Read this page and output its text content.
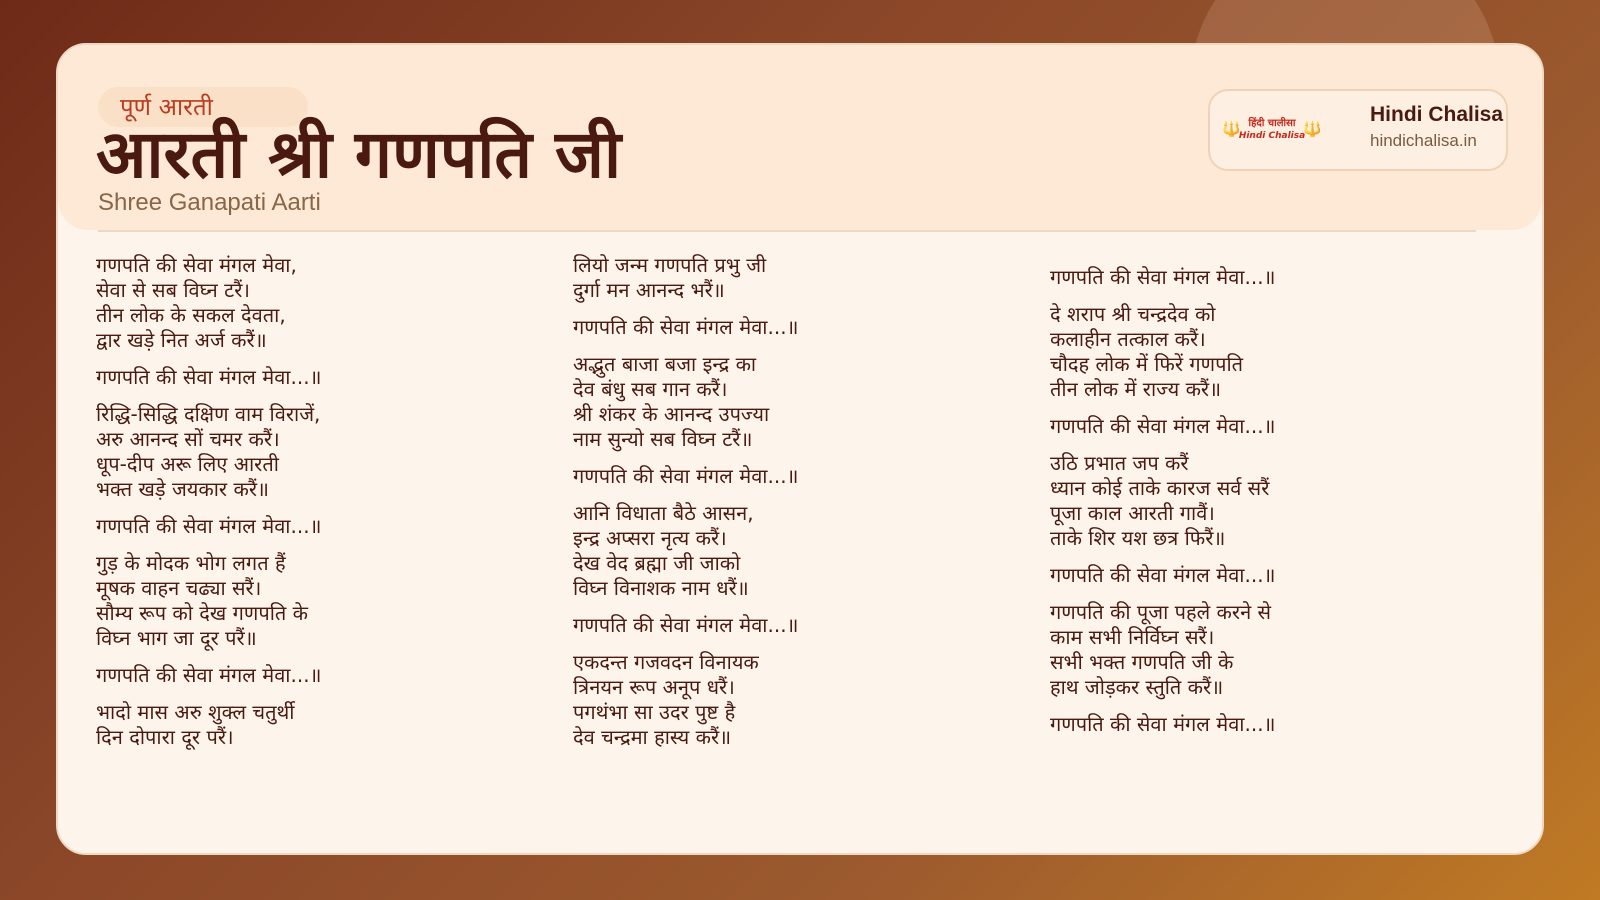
पूर्ण आरती
आरती श्री गणपति जी
Shree Ganapati Aarti
🔱 हिंदी चालीसा
Hindi Chalisa
🔱
Hindi Chalisa
hindichalisa.in
गणपति की सेवा मंगल मेवा,
सेवा से सब विघ्न टरैं।
तीन लोक के सकल देवता,
द्वार खड़े नित अर्ज करैं॥
गणपति की सेवा मंगल मेवा...॥
रिद्धि-सिद्धि दक्षिण वाम विराजें,
अरु आनन्द सों चमर करैं।
धूप-दीप अरू लिए आरती
भक्त खड़े जयकार करैं॥
गणपति की सेवा मंगल मेवा...॥
गुड़ के मोदक भोग लगत हैं
मूषक वाहन चढ्या सरैं।
सौम्य रूप को देख गणपति के
विघ्न भाग जा दूर परैं॥
गणपति की सेवा मंगल मेवा...॥
भादो मास अरु शुक्ल चतुर्थी
दिन दोपारा दूर परैं।
लियो जन्म गणपति प्रभु जी
दुर्गा मन आनन्द भरैं॥
गणपति की सेवा मंगल मेवा...॥
अद्भुत बाजा बजा इन्द्र का
देव बंधु सब गान करैं।
श्री शंकर के आनन्द उपज्या
नाम सुन्यो सब विघ्न टरैं॥
गणपति की सेवा मंगल मेवा...॥
आनि विधाता बैठे आसन,
इन्द्र अप्सरा नृत्य करैं।
देख वेद ब्रह्मा जी जाको
विघ्न विनाशक नाम धरैं॥
गणपति की सेवा मंगल मेवा...॥
एकदन्त गजवदन विनायक
त्रिनयन रूप अनूप धरैं।
पगथंभा सा उदर पुष्ट है
देव चन्द्रमा हास्य करैं॥
गणपति की सेवा मंगल मेवा...॥
दे शराप श्री चन्द्रदेव को
कलाहीन तत्काल करैं।
चौदह लोक में फिरें गणपति
तीन लोक में राज्य करैं॥
गणपति की सेवा मंगल मेवा...॥
उठि प्रभात जप करैं
ध्यान कोई ताके कारज सर्व सरैं
पूजा काल आरती गावैं।
ताके शिर यश छत्र फिरैं॥
गणपति की सेवा मंगल मेवा...॥
गणपति की पूजा पहले करने से
काम सभी निर्विघ्न सरैं।
सभी भक्त गणपति जी के
हाथ जोड़कर स्तुति करैं॥
गणपति की सेवा मंगल मेवा...॥
